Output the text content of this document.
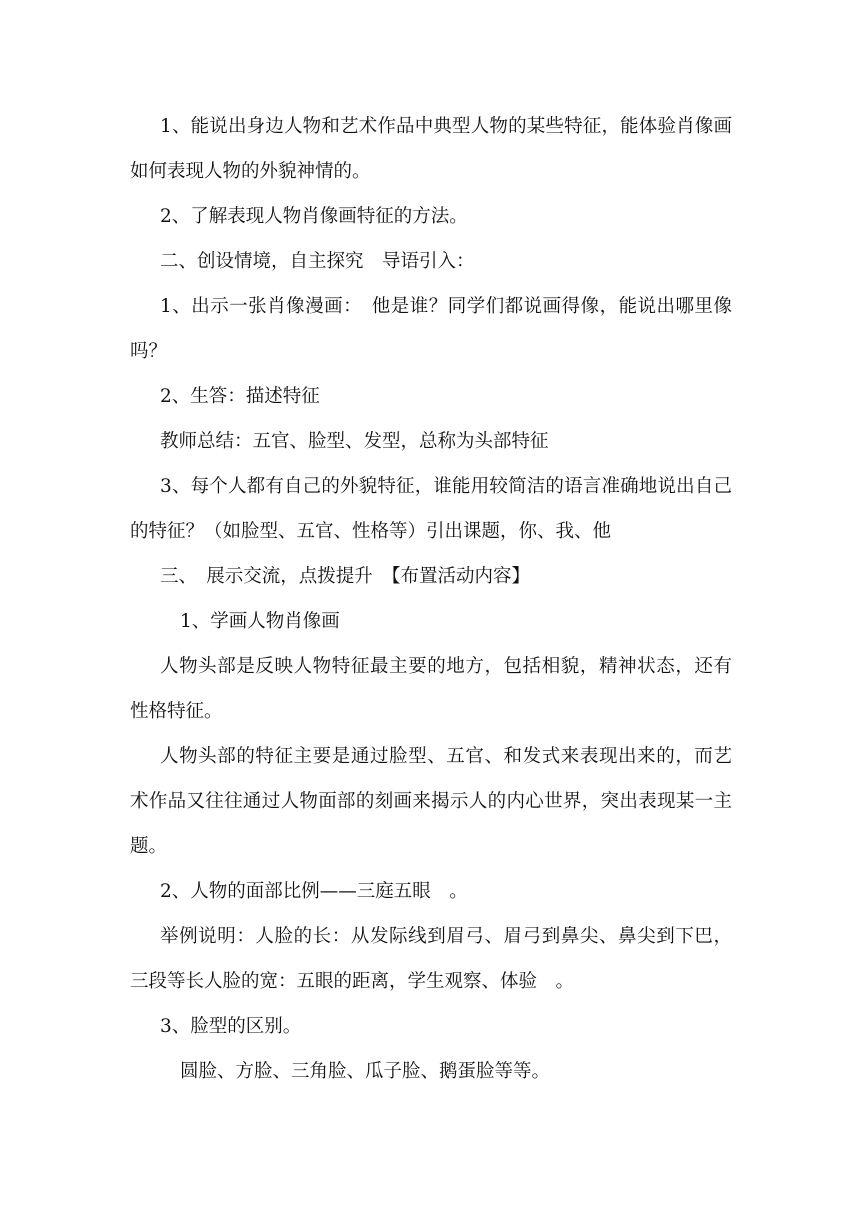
1、能说出身边人物和艺术作品中典型人物的某些特征，能体验肖像画如何表现人物的外貌神情的。

2、了解表现人物肖像画特征的方法。

二、创设情境，自主探究　导语引入：

1、出示一张肖像漫画：　他是谁？同学们都说画得像，能说出哪里像吗？

2、生答：描述特征

教师总结：五官、脸型、发型，总称为头部特征

3、每个人都有自己的外貌特征，谁能用较简洁的语言准确地说出自己的特征？（如脸型、五官、性格等）引出课题，你、我、他

三、　展示交流，点拨提升　【布置活动内容】

1、学画人物肖像画

人物头部是反映人物特征最主要的地方，包括相貌，精神状态，还有性格特征。

人物头部的特征主要是通过脸型、五官、和发式来表现出来的，而艺术作品又往往通过人物面部的刻画来揭示人的内心世界，突出表现某一主题。

2、人物的面部比例——三庭五眼　。

举例说明：人脸的长：从发际线到眉弓、眉弓到鼻尖、鼻尖到下巴，三段等长人脸的宽：五眼的距离，学生观察、体验　。

3、脸型的区别。

圆脸、方脸、三角脸、瓜子脸、鹅蛋脸等等。
